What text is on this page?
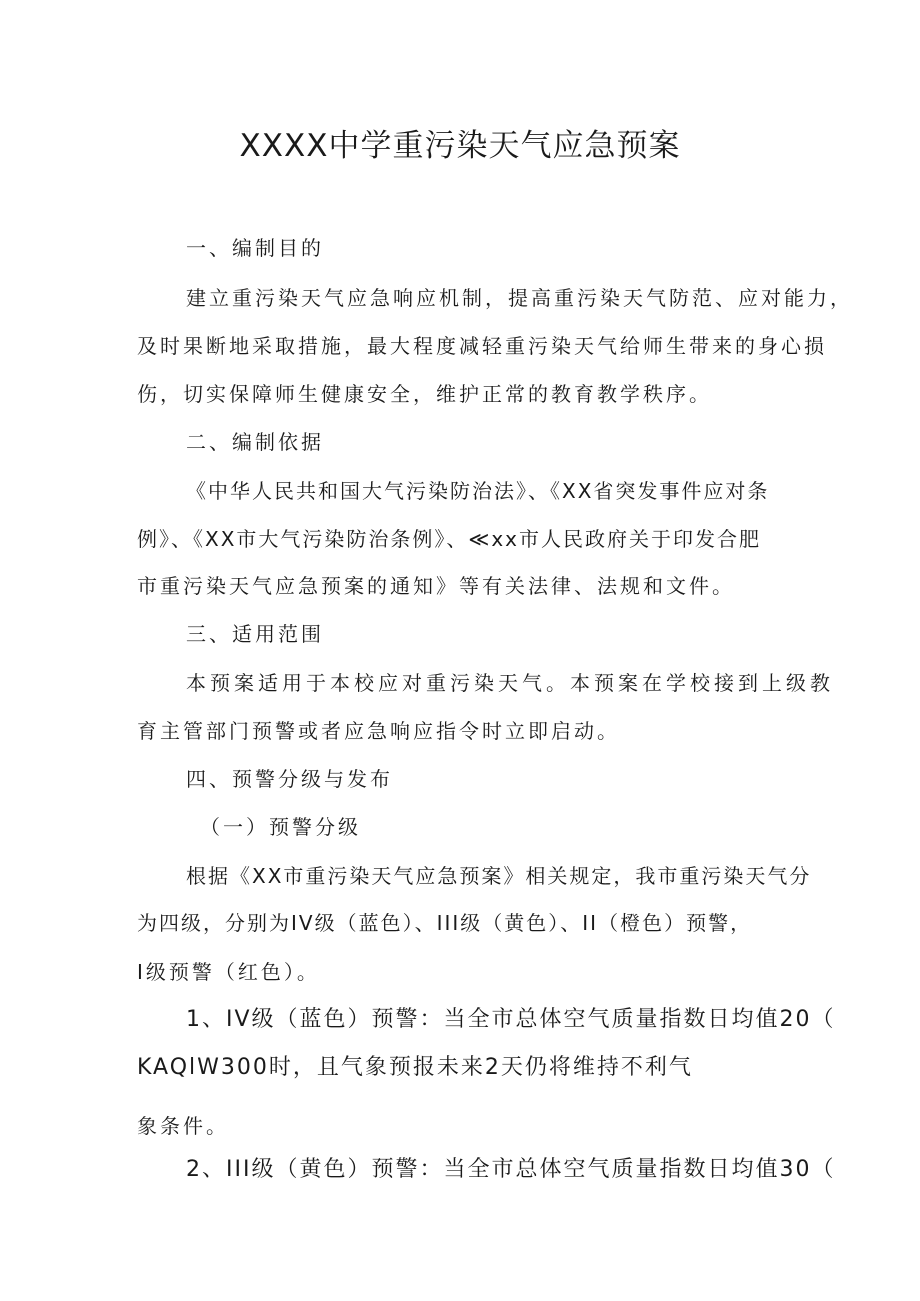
XXXX中学重污染天气应急预案
一、编制目的
建立重污染天气应急响应机制，提高重污染天气防范、应对能力，
及时果断地采取措施，最大程度减轻重污染天气给师生带来的身心损
伤，切实保障师生健康安全，维护正常的教育教学秩序。
二、编制依据
《中华人民共和国大气污染防治法》、《XX省突发事件应对条
例》、《XX市大气污染防治条例》、≪xx市人民政府关于印发合肥
市重污染天气应急预案的通知》等有关法律、法规和文件。
三、适用范围
本预案适用于本校应对重污染天气。本预案在学校接到上级教
育主管部门预警或者应急响应指令时立即启动。
四、预警分级与发布
（一）预警分级
根据《XX市重污染天气应急预案》相关规定，我市重污染天气分
为四级，分别为IV级（蓝色）、III级（黄色）、II（橙色）预警，
I级预警（红色）。
1、IV级（蓝色）预警：当全市总体空气质量指数日均值20（
KAQlW300时，且气象预报未来2天仍将维持不利气
象条件。
2、III级（黄色）预警：当全市总体空气质量指数日均值30（
